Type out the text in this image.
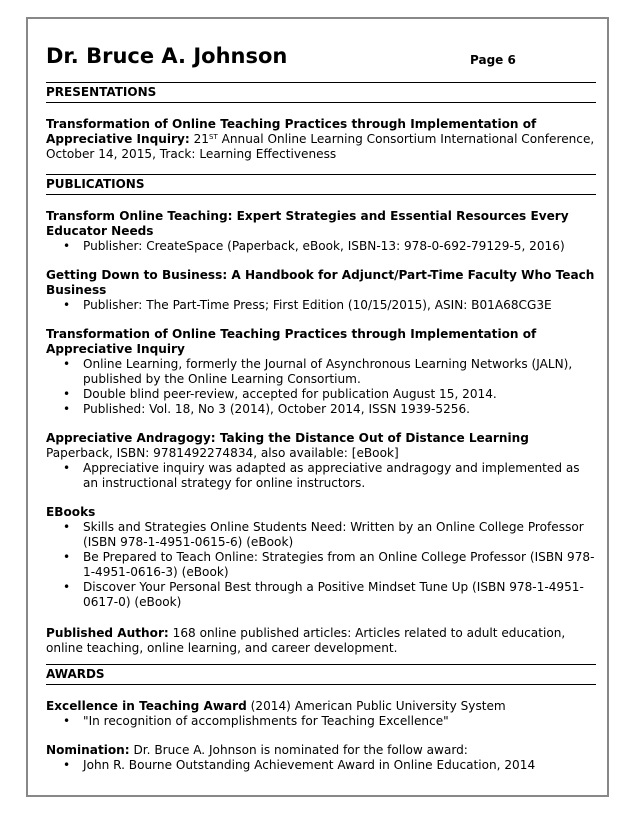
Dr. Bruce A. Johnson	Page 6
PRESENTATIONS

Transformation of Online Teaching Practices through Implementation of Appreciative Inquiry: 21ST Annual Online Learning Consortium International Conference, October 14, 2015, Track: Learning Effectiveness

PUBLICATIONS
Transform Online Teaching: Expert Strategies and Essential Resources Every Educator Needs
• Publisher: CreateSpace (Paperback, eBook, ISBN-13: 978-0-692-79129-5, 2016)
Getting Down to Business: A Handbook for Adjunct/Part-Time Faculty Who Teach Business
• Publisher: The Part-Time Press; First Edition (10/15/2015), ASIN: B01A68CG3E
Transformation of Online Teaching Practices through Implementation of Appreciative Inquiry
• Online Learning, formerly the Journal of Asynchronous Learning Networks (JALN), published by the Online Learning Consortium.
• Double blind peer-review, accepted for publication August 15, 2014.
• Published: Vol. 18, No 3 (2014), October 2014, ISSN 1939-5256.
Appreciative Andragogy: Taking the Distance Out of Distance Learning
Paperback, ISBN: 9781492274834, also available: [eBook]
• Appreciative inquiry was adapted as appreciative andragogy and implemented as an instructional strategy for online instructors.
EBooks
• Skills and Strategies Online Students Need: Written by an Online College Professor (ISBN 978-1-4951-0615-6) (eBook)
• Be Prepared to Teach Online: Strategies from an Online College Professor (ISBN 978-1-4951-0616-3) (eBook)
• Discover Your Personal Best through a Positive Mindset Tune Up (ISBN 978-1-4951-0617-0) (eBook)

Published Author: 168 online published articles: Articles related to adult education, online teaching, online learning, and career development.

AWARDS
Excellence in Teaching Award (2014) American Public University System
• "In recognition of accomplishments for Teaching Excellence"
Nomination: Dr. Bruce A. Johnson is nominated for the follow award:
• John R. Bourne Outstanding Achievement Award in Online Education, 2014
